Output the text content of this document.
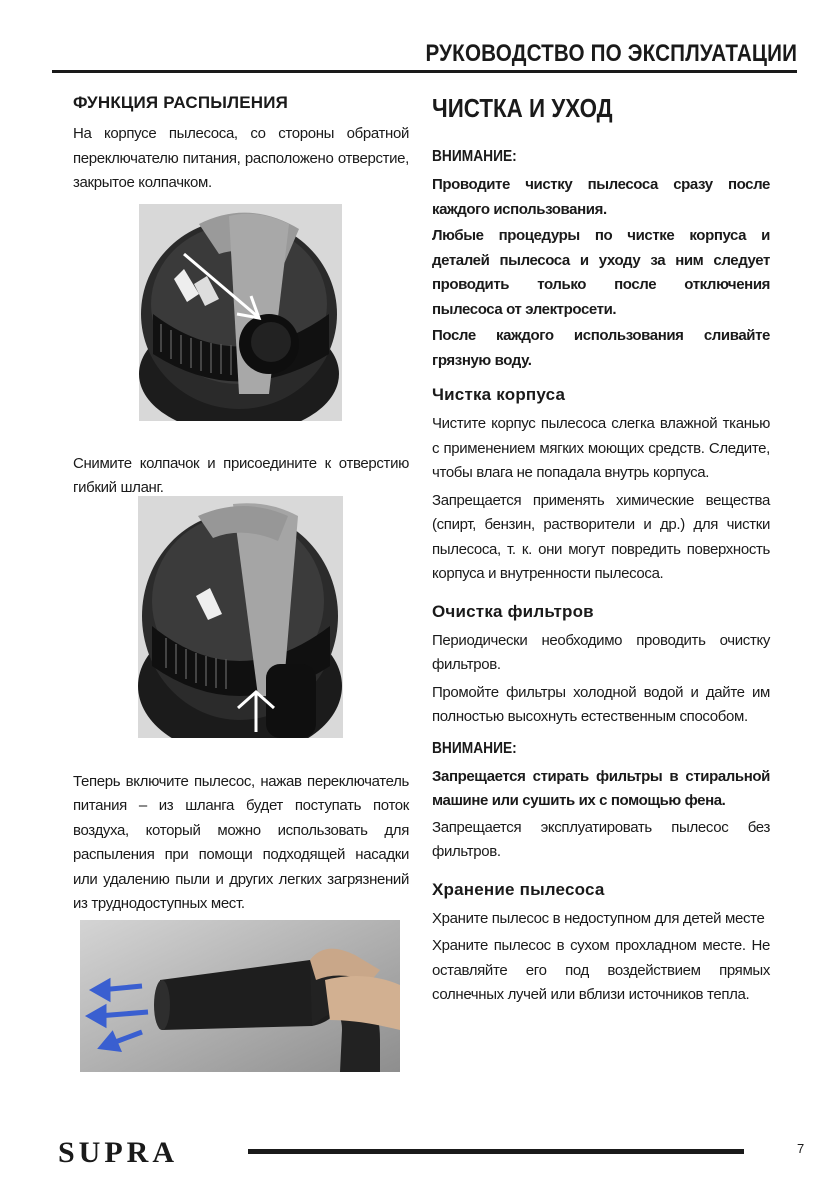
РУКОВОДСТВО ПО ЭКСПЛУАТАЦИИ
ФУНКЦИЯ РАСПЫЛЕНИЯ

На корпусе пылесоса, со стороны обратной переключателю питания, расположено отверстие, закрытое колпачком.

Снимите колпачок и присоедините к отверстию гибкий шланг.

Теперь включите пылесос, нажав переключатель питания – из шланга будет поступать поток воздуха, который можно использовать для распыления при помощи подходящей насадки или удалению пыли и других легких загрязнений из труднодоступных мест.

ЧИСТКА И УХОД
ВНИМАНИЕ:

Проводите чистку пылесоса сразу после каждого использования.

Любые процедуры по чистке корпуса и деталей пылесоса и уходу за ним следует проводить только после отключения пылесоса от электросети.

После каждого использования сливайте грязную воду.

Чистка корпуса

Чистите корпус пылесоса слегка влажной тканью с применением мягких моющих средств. Следите, чтобы влага не попадала внутрь корпуса.

Запрещается применять химические вещества (спирт, бензин, растворители и др.) для чистки пылесоса, т. к. они могут повредить поверхность корпуса и внутренности пылесоса.

Очистка фильтров

Периодически необходимо проводить очистку фильтров.

Промойте фильтры холодной водой и дайте им полностью высохнуть естественным способом.

ВНИМАНИЕ:

Запрещается стирать фильтры в стиральной машине или сушить их с помощью фена.

Запрещается эксплуатировать пылесос без фильтров.

Хранение пылесоса

Храните пылесос в недоступном для детей месте

Храните пылесос в сухом прохладном месте. Не оставляйте его под воздействием прямых солнечных лучей или вблизи источников тепла.

SUPRA	7
